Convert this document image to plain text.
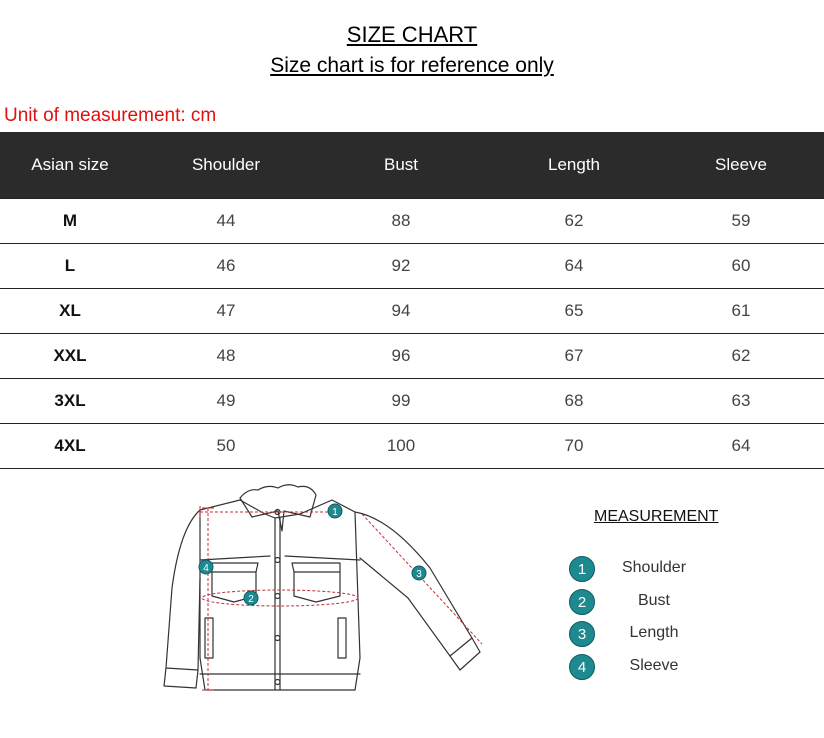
SIZE CHART
Size chart is for reference only
Unit of measurement: cm
Asian size	Shoulder	Bust	Length	Sleeve
M	44	88	62	59
L	46	92	64	60
XL	47	94	65	61
XXL	48	96	67	62
3XL	49	99	68	63
4XL	50	100	70	64
1
2
3
4
MEASUREMENT
1	Shoulder
2	Bust
3	Length
4	Sleeve
